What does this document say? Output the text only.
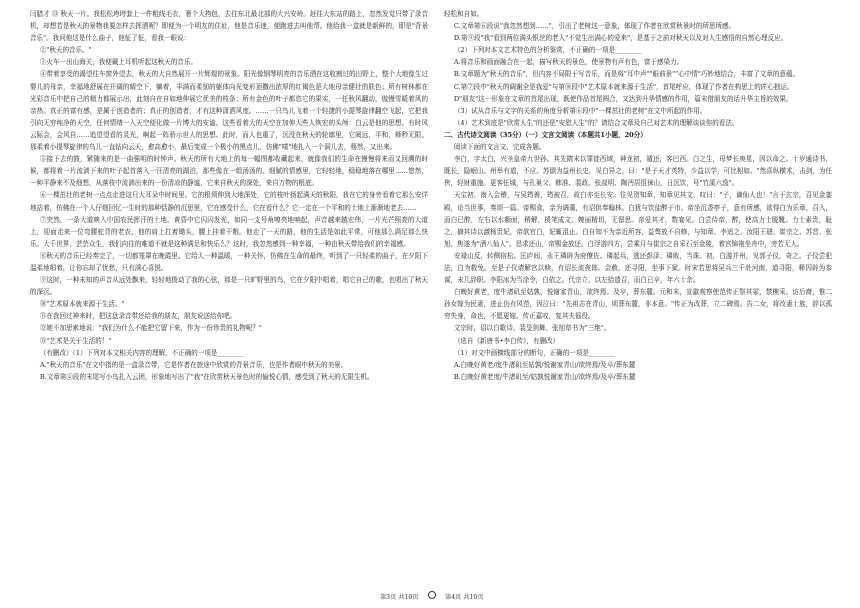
闫腊才 ⑬ 秋天一片。我松松垮垮套上一件粗线毛衣，奢个大挎包，去往东北最北部的大兴安岭。赶往大东站的路上，忽然发觉只带了录音机，却想若是秋天的景物我要怎样去挥洒呢？即便为一个明友的住址，他是音乐迷，便跑进去叫他帮。他给我一盒就是新鲜的，即是"背景音乐"。我问他这是什么曲子，他怔了怔，看我一眼说：

②"秋天的音乐。"

③火车一出山海关，我便戴上耳机听起这秋天的音乐。

④带着享受的渴望往车窗外望去，秋天的大自然展开一片辉煌的景象。阳光像钢琴明亮的音乐洒在这收割过的田野上，整个大地像生过婴儿的母亲，幸福地舒展在开阔的晴空下，躺着，丰满而柔韧的躯体向光变形顶撒出浓厚的红褐色是大地母亲健壮的肤色；所有树林都在光彩音乐中把自己的精力都展示出，此刻自在自如地伸展它优美的枝条；所有金色的叶子都恣它的果实，一任秋风翻动，傲慢雪暖着风的亲热。真正的富有感，是属于创造者的；真正的创造者，才有这种潇洒风度。……一只鸟儿飞着一个轻捷的小提琴旋律翻空飞起，它把我引向无穷纯净的天空，任何情绪一入天空便化做一片博大的安谧。这些看着大的天空在加伸大些人恢宏的头颅：白云是他的思想。有时风云际会，会风自……追望望看的灵光，啊起一阵骄示世人的思想。此时，而人也重了，沉没在秋天的轮廓里，它阅远，平和，释秒无限。那柔着小提琴旋律的鸟儿一直钻向云天，愈高愈小，最后变成一个极小的黑点儿，仿佛"噗"地扎入一个洞儿去，蓦然，又出来。

⑤接下去的鼓，紧随来的是一曲强明的时钟声。秋天的所有大地上的每一幅图都收藏起来，就像我们的生命在慢慢将来而又回溯的时候，都将着一片流淌下来的叶子起首落入一汪清亮的湖泊，那些像在一组汤汤的、细腻的情感里，它轻轻地，稳稳地落在哪里……悠然，一种平静来不及细想，从落枝中流淌出来的一份清凉的静谧，它来自秋天的深处，来自万物的根底。

⑥一棵茁壮的老树一点点走进这只大耳朵中时间里。它的根须伸到大地深处，它的枝叶扬起满天的秋阳，我在它的身旁看着它那么安详地站着，仿佛在一个人仔细回忆一生时的那种恬静的沉思里，它在感受什么，它在看什么？它一定在一个平和的土地上渐渐地老去……

⑦突然，一条大道映入中国农民挥汗的土地。黄昏中它闪闪发光，如同一支号角嘹亮地响起，声音越来越宏伟，一片光芒照亮的大道上，迎面走来一位弯腰驼背的老农，他的肩上扛着锄头，腰上挂着干粮。他走了一天的路，他的生活是如此平常，可他那么满足那么快乐。大千世界，芸芸众生，我们向往的难道不就是这种满足和快乐么？这时，我忽然感到一种幸福，一种由秋天带给我们的幸福感。

⑧秋天的音乐已经奏完了，一切都笼罩在晚霞里。它给人一种温暖，一种关怀，仿佛在生命的最终，听到了一只轻柔的曲子，在夕阳下温柔地唱着，让你忘却了忧愁，只有满心喜悦。

⑨这时，一种未知的声音从远处飘来，轻轻地拨动了我的心弦，那是一只旷野里的鸟，它在夕阳中唱着，唱它自己的歌，也唱出了秋天的深沉。

⑩"艺术原本就来源于生活。"

⑪在我回过神来时，把这盘录音带还给我的朋友，朋友说送给你吧。

⑫她不加思索地说："我们为什么不能把它留下来，作为一份珍贵的礼物呢？"

⑬"艺术是关于生活的！"

（有删改）（1）下列对本文相关内容的理解，不正确的一项是________

A."秋天的音乐"在文中指的是一盒录音带，它是作者在旅途中欣赏的背景音乐，也是作者眼中秋天的美景。

B.文章第④段的末尾写小鸟扎入云团，形象地写出了"我"在欣赏秋天景色时的愉悦心情，感受到了秋天的无限生机。

轻松和自如。

C.文章第⑥段说"我忽然想到……"，引出了老树这一意象，体现了作者在欣赏秋景时的所思所感。

D.第⑨段"我"看到两位满头银丝的老人"不觉生出满心的爱来"，是基于之前对秋天以及对人生感悟的自然心理反应。

（2）下列对本文艺术特色的分析鉴赏，不正确的一项是________

A.将音乐和画面融合在一起，描写秋天的景色，使景物有声有色，富于感染力。

B.文章题为"秋天的音乐"，但内容不局限于写音乐，而是将"耳中声""眼前景""心中情"巧妙地结合，丰富了文章的意蕴。

C.第⑦段中"秋天的阔谢全是我爱"与第⑩段中"艺术原本就来源于生活"，首尾呼应，体现了作者在构思上的匠心独运。

D"朋友"这一形象在文章的首尾出现，既使作品首尾圆合，又达到升华情感的作用，篇末借朋友的话升华主旨的效果。

（3）试从音乐与文字的关系的角度分析第⑥段中"一棵茁壮的老树"在文中所起的作用。

（4）艺术到底是"欣赏人生"的还是"安慰人生"的？请结合文章及自己对艺术的理解谈谈你的看法。

二、古代诗文阅读（35分）（一）文言文阅读（本题共1小题，20分）

阅读下面的文言文，完成各题。

李白，字太白，兴圣皇帝九世孙。其先隋末以罪徙西域，神龙初，遁还，客巴西。白之生，母梦长庚星，因以命之。十岁通诗书，既长，隐岷山。州举有道，不应。苏颋为益州长史，见白异之，曰："是子天才英特，少益以学，可比相如。"然喜纵横术，击剑，为任侠，轻财重施。更客任城，与孔巢父、韩准、裴政、张叔明、陶沔居徂徕山，日沉饮，号"竹溪六逸"。

天宝初，南入会稽，与吴筠善，筠被召，故白亦至长安。往见贺知章，知章见其文，叹曰："子，谪仙人也！"言于玄宗，召见金銮殿，论当世事，奏颂一篇。帝赐食，亲为调羹，有诏供奉翰林。白犹与饮徒醉于市。帝坐沉香亭子，意有所感，欲得白为乐章，召入，而白已醉，左右以水颒面，稍解，援笔成文，婉丽精切，无留思。帝爱其才，数宴见。白尝侍帝，醉，使高力士脱靴。力士素贵，耻之，摘其诗以激杨贵妃，帝欲官白，妃辄沮止。白自知不为亲近所容，益骜放不自修，与知章、李适之、汝阳王琎、崔宗之、苏晋、张旭、焦遂为"酒八仙人"。恳求还山，帝赐金放还。白浮游四方，尝乘月与崔宗之自采石至金陵，着宫锦袍坐舟中，旁若无人。

安禄山反，转侧宿松、匡庐间，永王璘辟为府僚佐。璘起兵，逃还彭泽；璘败，当诛。初，白游并州，见郭子仪，奇之。子仪尝犯法，白为救免。至是子仪请解官以赎，有诏长流夜郎。会赦，还寻阳，坐事下狱。时宋若思将吴兵三千赴河南，道寻阳，释囚辟为参谋，未几辞职。李阳冰为当涂令，白依之。代宗立，以左拾遗召，而白已卒，年六十余。

白晚好黄老，度牛渚矶至姑孰，悦谢家青山，欲终焉。及卒，葬东麓。元和末，宣歙观察使范传正祭其冢，禁樵采。访后裔，惟二孙女嫁为民妻，进止仍有风范，因泣曰："先祖志在青山，顷葬东麓，非本意。"传正为改葬，立二碑焉。告二女，将改妻士族，辞以孤穷失身，命也，不愿更嫁。传正嘉叹，复其夫徭役。

文宗时，诏以白歌诗、裴旻剑舞、张旭草书为"三绝"。

（选自《新唐书•李白传》，有删改）

（1）对文中画横线部分的断句，正确的一项是________

A.白晚好黄老/度牛渚矶至姑孰/悦谢家青山/欲终焉/及卒/葬东麓

B.白晚好黄老度/牛渚矶至/姑孰悦谢家青山/欲终焉/及卒/葬东麓

第3页 共10页	第4页 共10页
